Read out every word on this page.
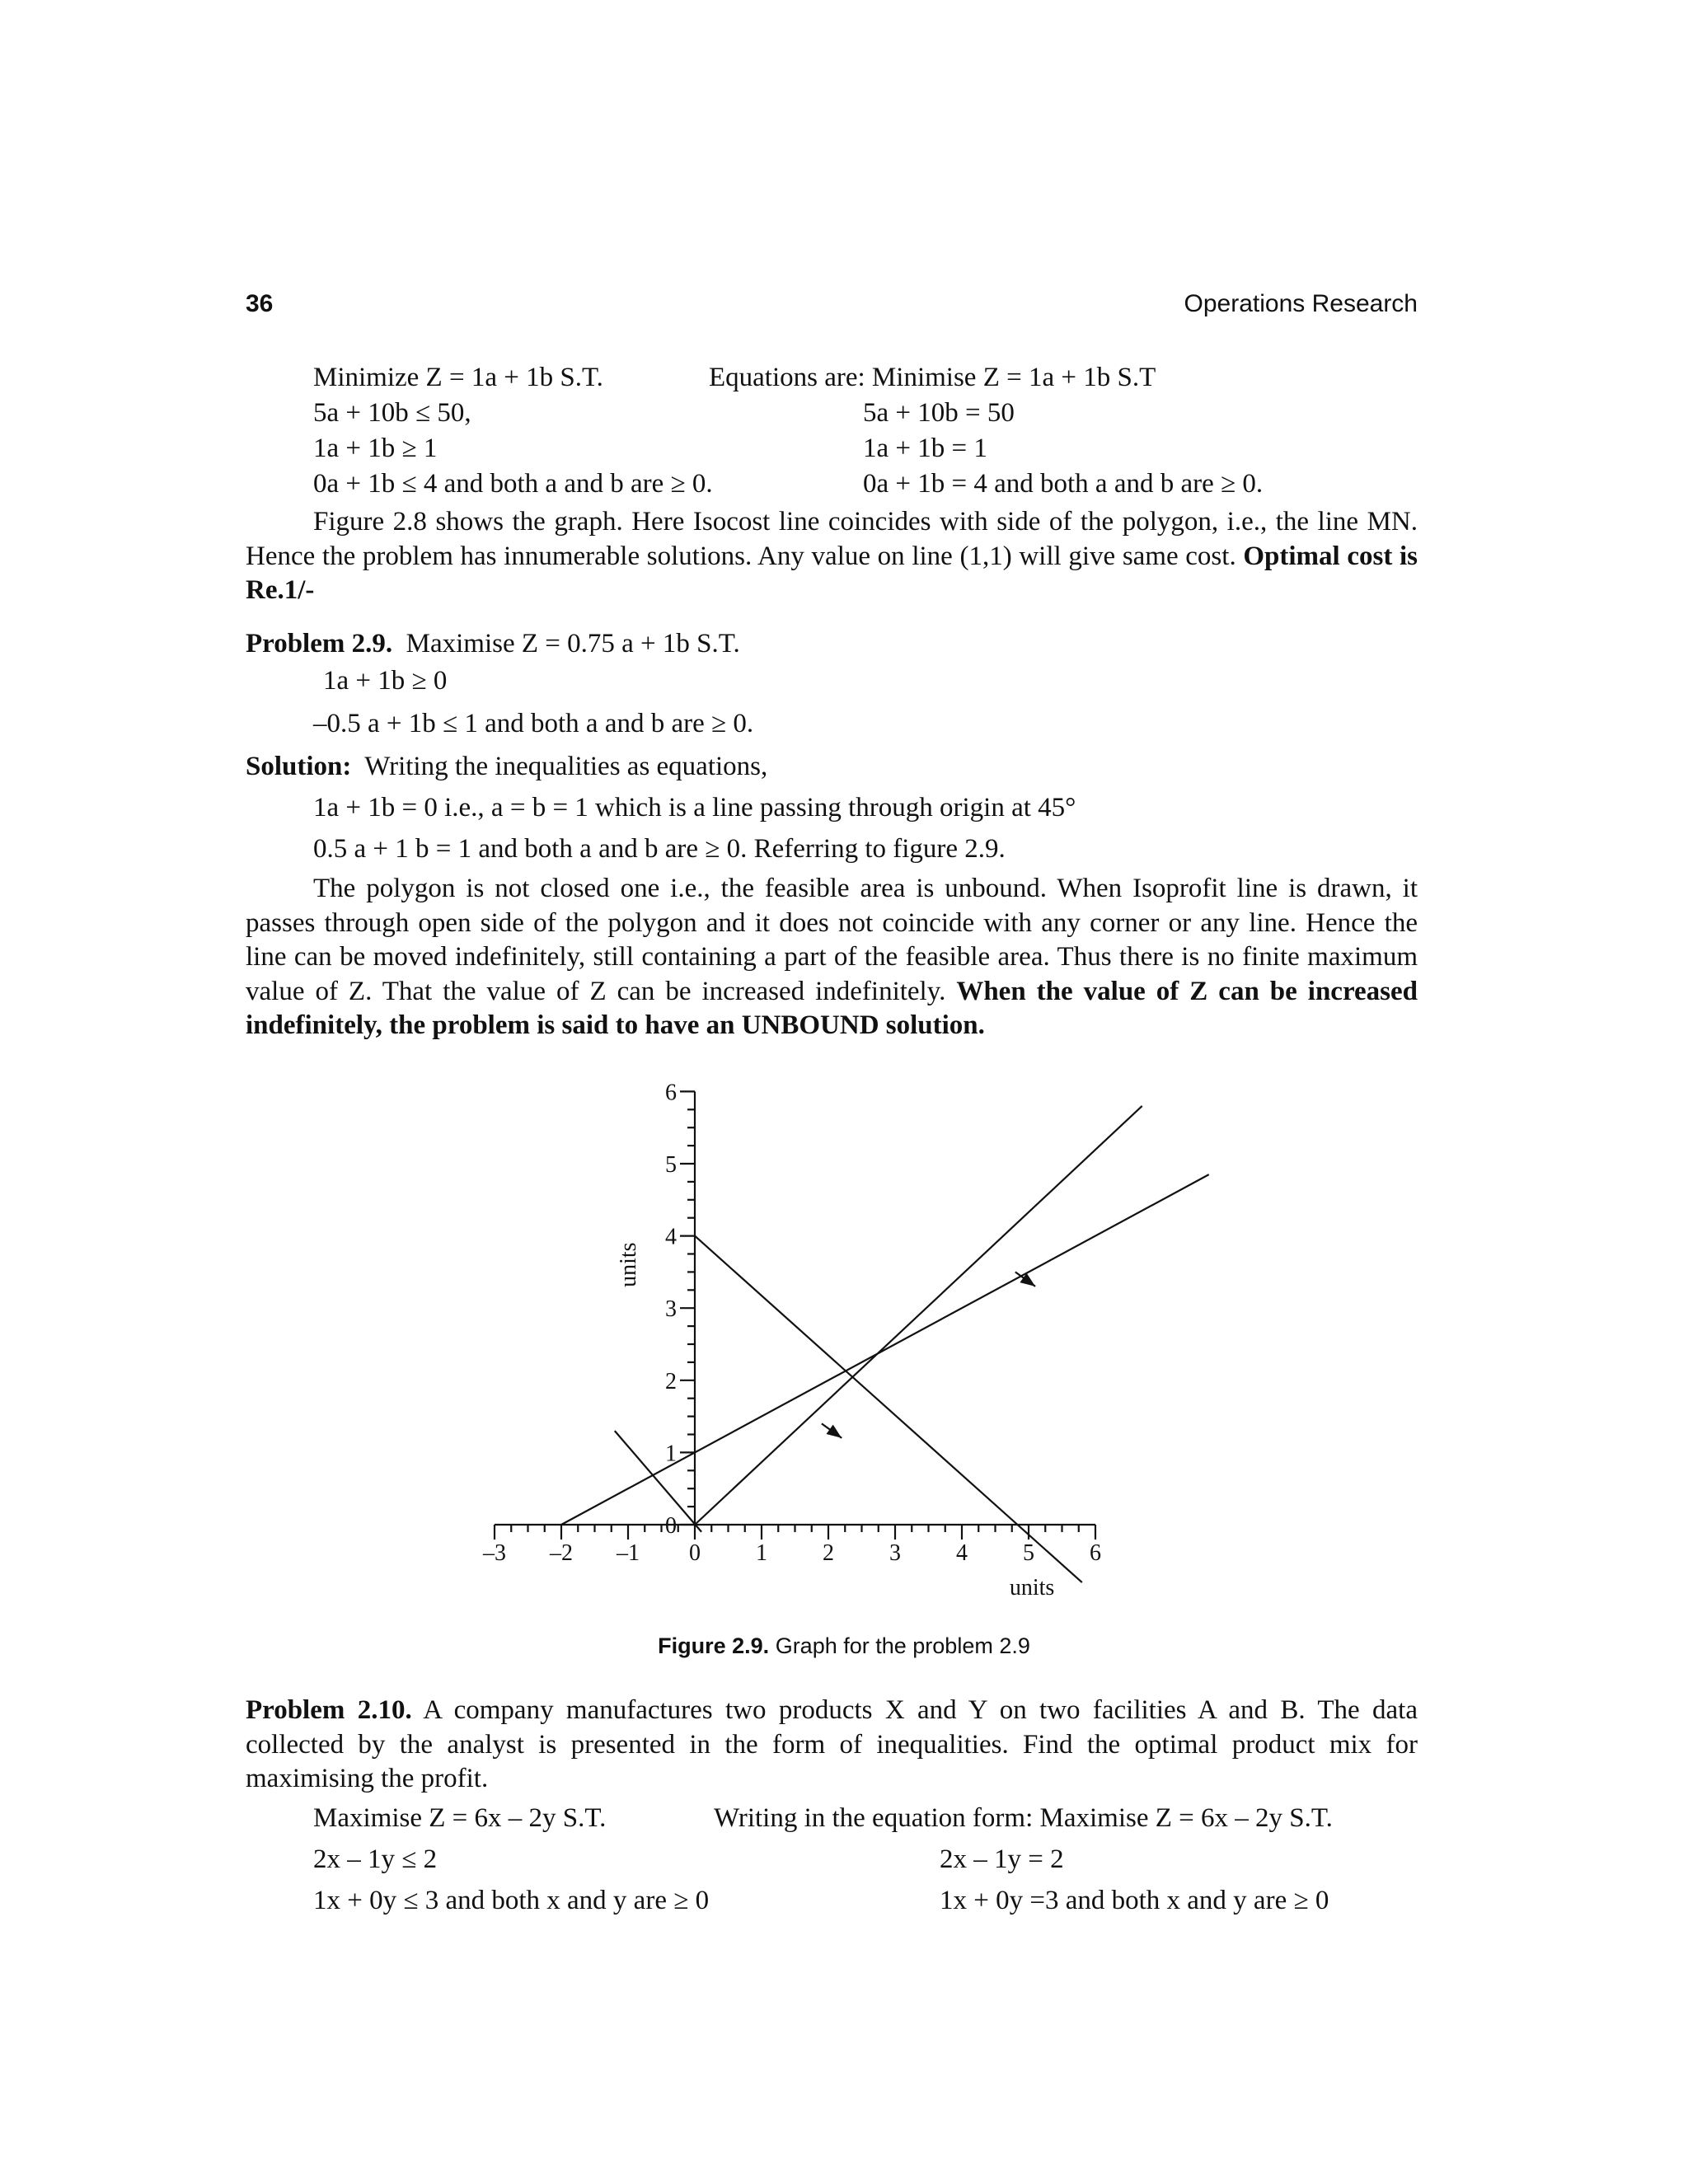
36	Operations Research
Minimize Z = 1a + 1b S.T.
5a + 10b ≤ 50,
1a + 1b ≥ 1
0a + 1b ≤ 4 and both a and b are ≥ 0.
Equations are: Minimise Z = 1a + 1b S.T
5a + 10b = 50
1a + 1b = 1
0a + 1b = 4 and both a and b are ≥ 0.
Figure 2.8 shows the graph. Here Isocost line coincides with side of the polygon, i.e., the line MN. Hence the problem has innumerable solutions. Any value on line (1,1) will give same cost. Optimal cost is Re.1/-
Problem 2.9. Maximise Z = 0.75 a + 1b S.T.
1a + 1b ≥ 0
–0.5 a + 1b ≤ 1 and both a and b are ≥ 0.
Solution: Writing the inequalities as equations,
1a + 1b = 0 i.e., a = b = 1 which is a line passing through origin at 45°
0.5 a + 1 b = 1 and both a and b are ≥ 0. Referring to figure 2.9.
The polygon is not closed one i.e., the feasible area is unbound. When Isoprofit line is drawn, it passes through open side of the polygon and it does not coincide with any corner or any line. Hence the line can be moved indefinitely, still containing a part of the feasible area. Thus there is no finite maximum value of Z. That the value of Z can be increased indefinitely. When the value of Z can be increased indefinitely, the problem is said to have an UNBOUND solution.
–3 –2 –1 0 1 2 3 4 5 6
0
1
2
3
4
5
6
units
units
Figure 2.9. Graph for the problem 2.9
Problem 2.10. A company manufactures two products X and Y on two facilities A and B. The data collected by the analyst is presented in the form of inequalities. Find the optimal product mix for maximising the profit.
Maximise Z = 6x – 2y S.T.
2x – 1y ≤ 2
1x + 0y ≤ 3 and both x and y are ≥ 0
Writing in the equation form: Maximise Z = 6x – 2y S.T.
2x – 1y = 2
1x + 0y =3 and both x and y are ≥ 0
